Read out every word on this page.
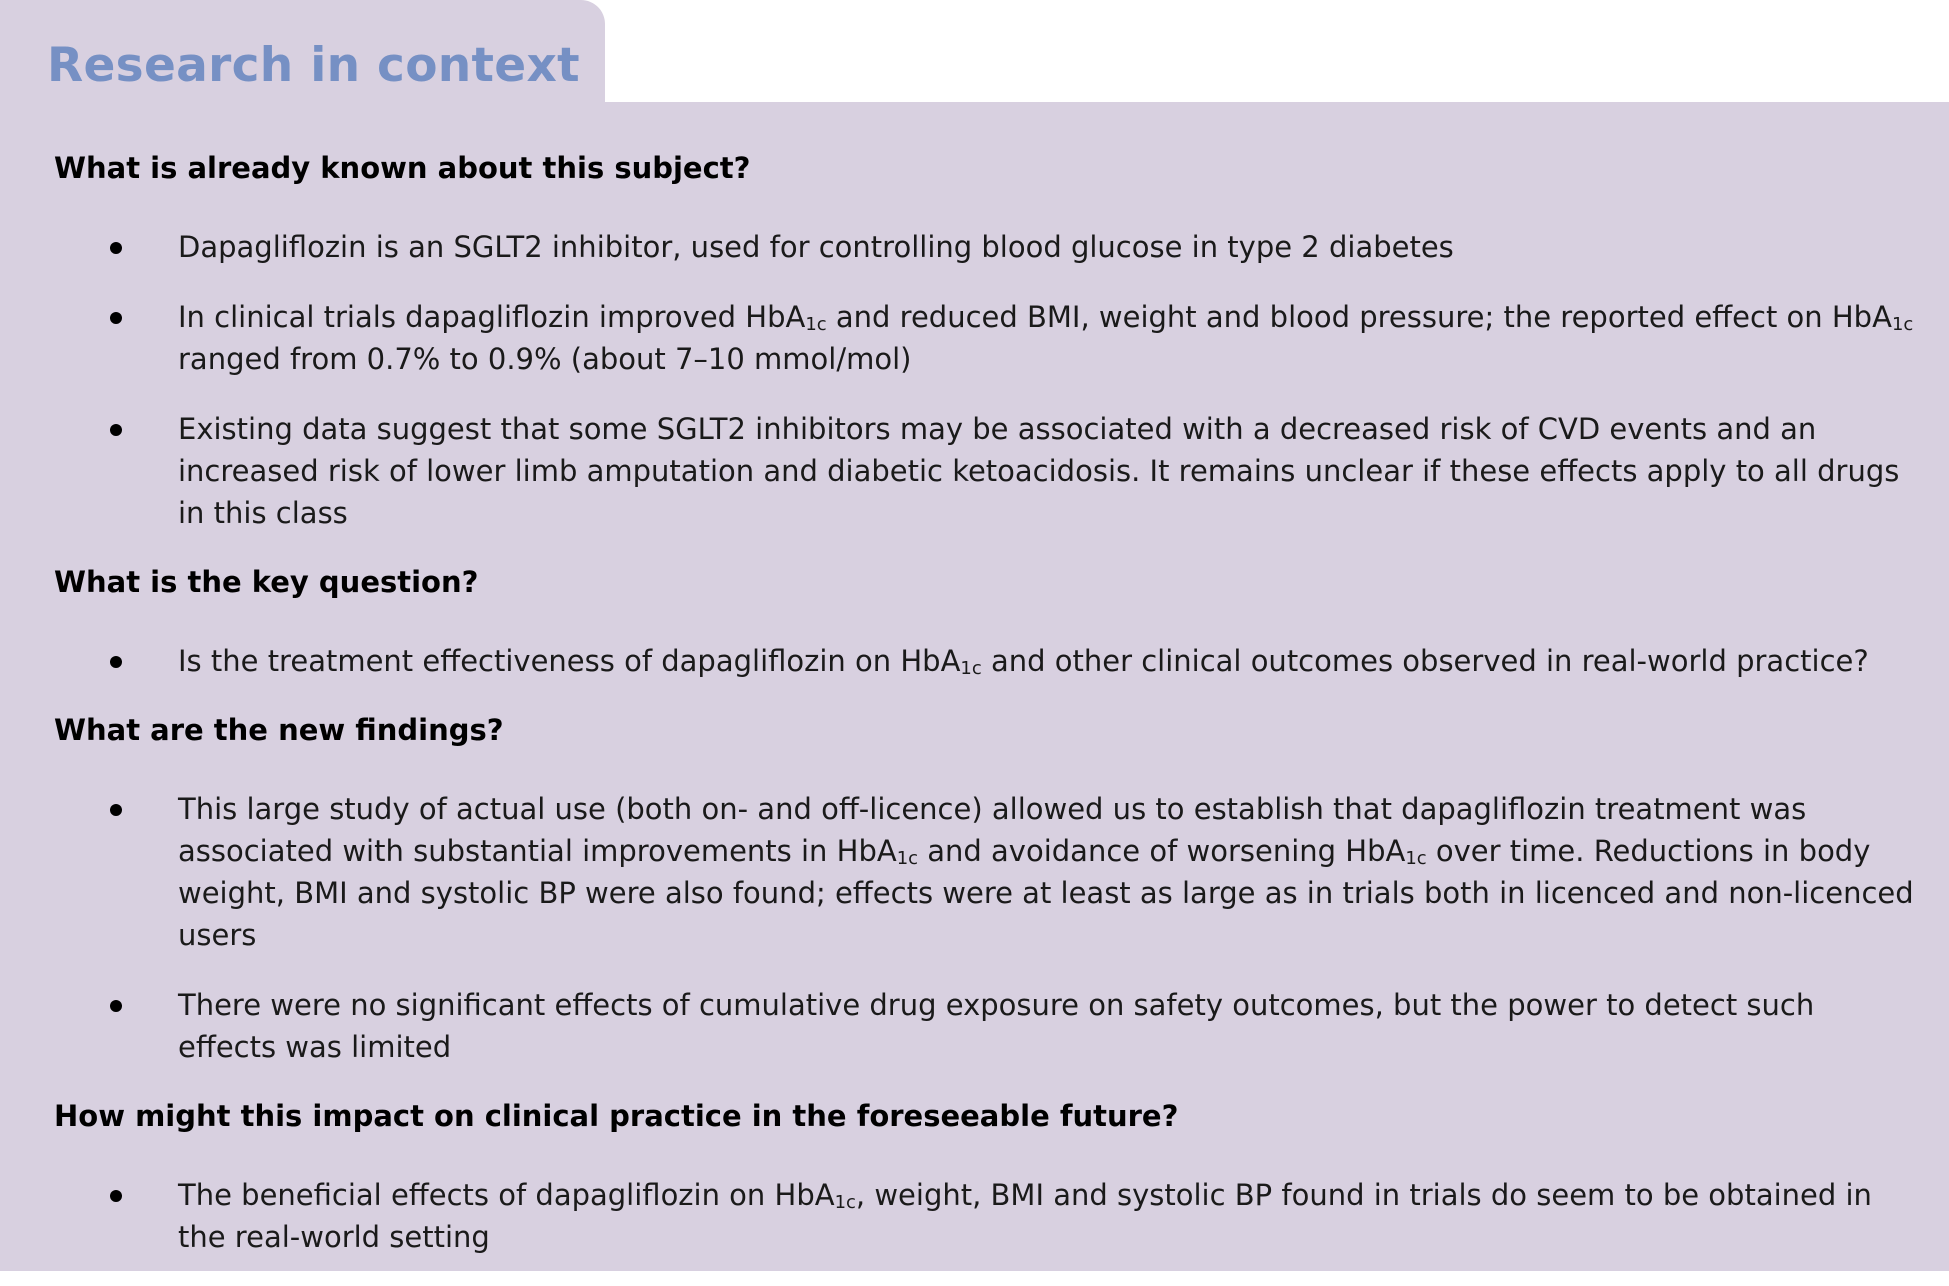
Research in context
What is already known about this subject?
Dapagliflozin is an SGLT2 inhibitor, used for controlling blood glucose in type 2 diabetes
In clinical trials dapagliflozin improved HbA1c and reduced BMI, weight and blood pressure; the reported effect on HbA1c ranged from 0.7% to 0.9% (about 7–10 mmol/mol)
Existing data suggest that some SGLT2 inhibitors may be associated with a decreased risk of CVD events and an increased risk of lower limb amputation and diabetic ketoacidosis. It remains unclear if these effects apply to all drugs in this class
What is the key question?
Is the treatment effectiveness of dapagliflozin on HbA1c and other clinical outcomes observed in real-world practice?
What are the new findings?
This large study of actual use (both on- and off-licence) allowed us to establish that dapagliflozin treatment was associated with substantial improvements in HbA1c and avoidance of worsening HbA1c over time. Reductions in body weight, BMI and systolic BP were also found; effects were at least as large as in trials both in licenced and non-licenced users
There were no significant effects of cumulative drug exposure on safety outcomes, but the power to detect such effects was limited
How might this impact on clinical practice in the foreseeable future?
The beneficial effects of dapagliflozin on HbA1c, weight, BMI and systolic BP found in trials do seem to be obtained in the real-world setting
